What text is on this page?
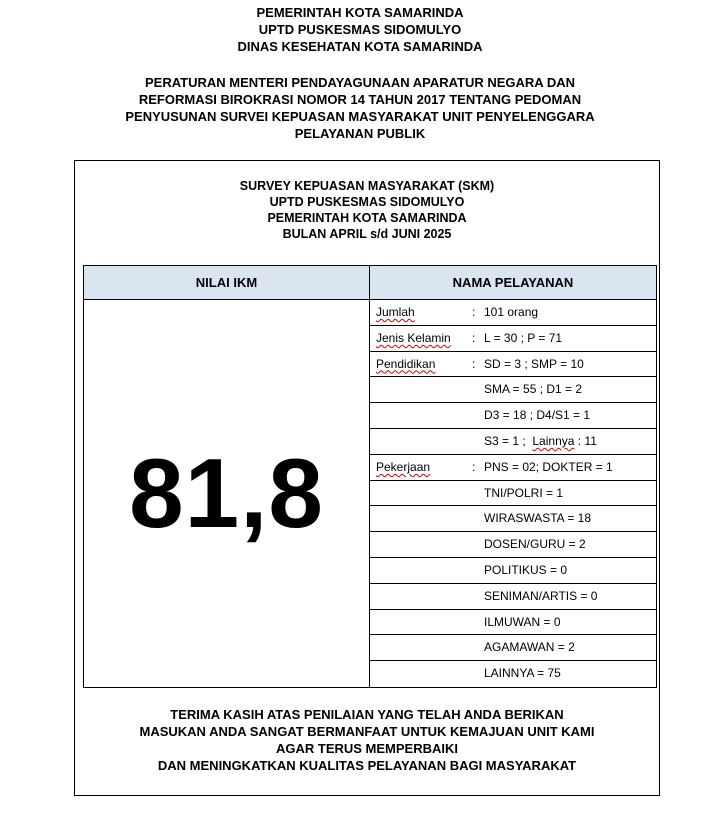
PEMERINTAH KOTA SAMARINDA
UPTD PUSKESMAS SIDOMULYO
DINAS KESEHATAN KOTA SAMARINDA
PERATURAN MENTERI PENDAYAGUNAAN APARATUR NEGARA DAN
REFORMASI BIROKRASI NOMOR 14 TAHUN 2017 TENTANG PEDOMAN
PENYUSUNAN SURVEI KEPUASAN MASYARAKAT UNIT PENYELENGGARA
PELAYANAN PUBLIK
SURVEY KEPUASAN MASYARAKAT (SKM)
UPTD PUSKESMAS SIDOMULYO
PEMERINTAH KOTA SAMARINDA
BULAN APRIL s/d JUNI 2025
NILAI IKM	NAMA PELAYANAN
81,8
Jumlah	: 101 orang
Jenis Kelamin : L = 30 ; P = 71
Pendidikan	: SD = 3 ; SMP = 10
SMA = 55 ; D1 = 2
D3 = 18 ; D4/S1 = 1
S3 = 1 ; Lainnya : 11
Pekerjaan	: PNS = 02; DOKTER = 1
TNI/POLRI = 1
WIRASWASTA = 18
DOSEN/GURU = 2
POLITIKUS = 0
SENIMAN/ARTIS = 0
ILMUWAN = 0
AGAMAWAN = 2
LAINNYA = 75
TERIMA KASIH ATAS PENILAIAN YANG TELAH ANDA BERIKAN
MASUKAN ANDA SANGAT BERMANFAAT UNTUK KEMAJUAN UNIT KAMI
AGAR TERUS MEMPERBAIKI
DAN MENINGKATKAN KUALITAS PELAYANAN BAGI MASYARAKAT
